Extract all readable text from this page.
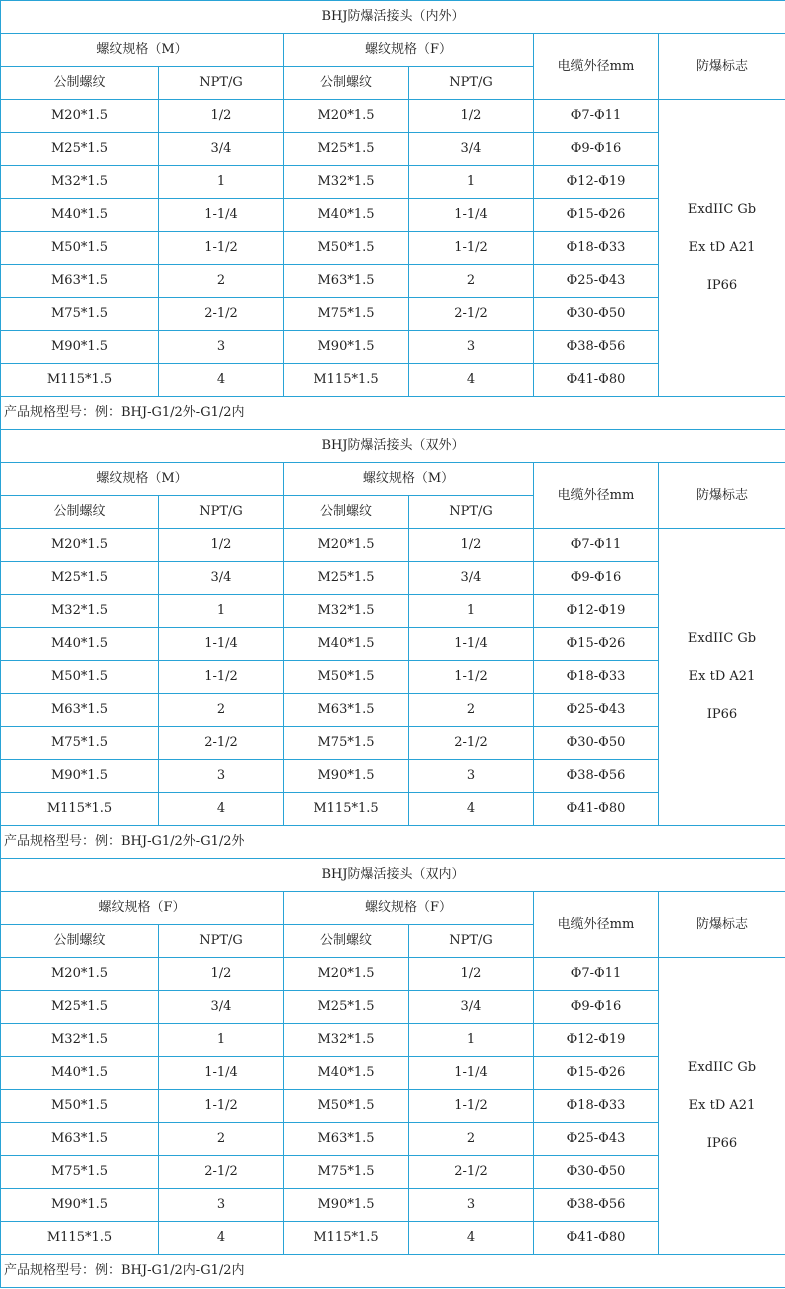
BHJ防爆活接头（内外）					
螺纹规格（M）		螺纹规格（F）		电缆外径mm	防爆标志
公制螺纹	NPT/G	公制螺纹	NPT/G		
M20*1.5	1/2	M20*1.5	1/2	Φ7-Φ11	ExdIIC Gb
Ex tD A21
IP66

M25*1.5	3/4	M25*1.5	3/4	Φ9-Φ16	
M32*1.5	1	M32*1.5	1	Φ12-Φ19	
M40*1.5	1-1/4	M40*1.5	1-1/4	Φ15-Φ26	
M50*1.5	1-1/2	M50*1.5	1-1/2	Φ18-Φ33	
M63*1.5	2	M63*1.5	2	Φ25-Φ43	
M75*1.5	2-1/2	M75*1.5	2-1/2	Φ30-Φ50	
M90*1.5	3	M90*1.5	3	Φ38-Φ56	
M115*1.5	4	M115*1.5	4	Φ41-Φ80	
产品规格型号：例：BHJ-G1/2外-G1/2内					
BHJ防爆活接头（双外）					
螺纹规格（M）		螺纹规格（M）		电缆外径mm	防爆标志
公制螺纹	NPT/G	公制螺纹	NPT/G		
M20*1.5	1/2	M20*1.5	1/2	Φ7-Φ11	ExdIIC Gb
Ex tD A21
IP66

M25*1.5	3/4	M25*1.5	3/4	Φ9-Φ16	
M32*1.5	1	M32*1.5	1	Φ12-Φ19	
M40*1.5	1-1/4	M40*1.5	1-1/4	Φ15-Φ26	
M50*1.5	1-1/2	M50*1.5	1-1/2	Φ18-Φ33	
M63*1.5	2	M63*1.5	2	Φ25-Φ43	
M75*1.5	2-1/2	M75*1.5	2-1/2	Φ30-Φ50	
M90*1.5	3	M90*1.5	3	Φ38-Φ56	
M115*1.5	4	M115*1.5	4	Φ41-Φ80	
产品规格型号：例：BHJ-G1/2外-G1/2外					
BHJ防爆活接头（双内）					
螺纹规格（F）		螺纹规格（F）		电缆外径mm	防爆标志
公制螺纹	NPT/G	公制螺纹	NPT/G		
M20*1.5	1/2	M20*1.5	1/2	Φ7-Φ11	ExdIIC Gb
Ex tD A21
IP66

M25*1.5	3/4	M25*1.5	3/4	Φ9-Φ16	
M32*1.5	1	M32*1.5	1	Φ12-Φ19	
M40*1.5	1-1/4	M40*1.5	1-1/4	Φ15-Φ26	
M50*1.5	1-1/2	M50*1.5	1-1/2	Φ18-Φ33	
M63*1.5	2	M63*1.5	2	Φ25-Φ43	
M75*1.5	2-1/2	M75*1.5	2-1/2	Φ30-Φ50	
M90*1.5	3	M90*1.5	3	Φ38-Φ56	
M115*1.5	4	M115*1.5	4	Φ41-Φ80	
产品规格型号：例：BHJ-G1/2内-G1/2内					
